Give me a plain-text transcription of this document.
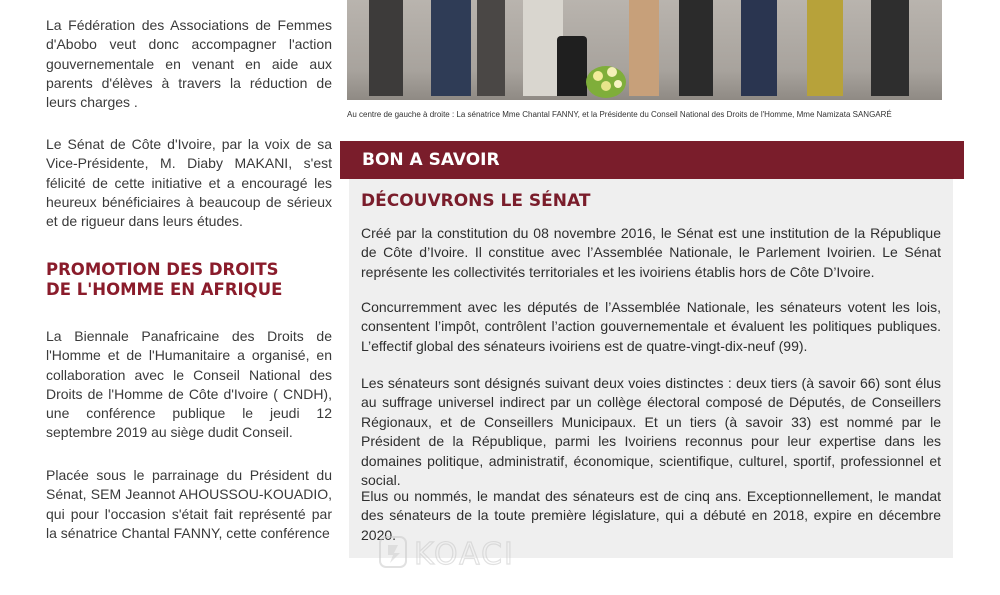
La Fédération des Associations de Femmes d'Abobo veut donc accompagner l'action gouvernementale en venant en aide aux parents d'élèves à travers la réduction de leurs charges .

Le Sénat de Côte d'Ivoire, par la voix de sa Vice-Présidente, M. Diaby MAKANI, s'est félicité de cette initiative et a encouragé les heureux bénéficiaires à beaucoup de sérieux et de rigueur dans leurs études.

PROMOTION DES DROITS
DE L'HOMME EN AFRIQUE

La Biennale Panafricaine des Droits de l'Homme et de l'Humanitaire a organisé, en collaboration avec le Conseil National des Droits de l'Homme de Côte d'Ivoire ( CNDH), une conférence publique le jeudi 12 septembre 2019 au siège dudit Conseil.

Placée sous le parrainage du Président du Sénat, SEM Jeannot AHOUSSOU-KOUADIO, qui pour l'occasion s'était fait représenté par la sénatrice Chantal FANNY, cette conférence

Au centre de gauche à droite : La sénatrice Mme Chantal FANNY, et la Présidente du Conseil National des Droits de l'Homme, Mme Namizata SANGARÉ
BON A SAVOIR
DÉCOUVRONS LE SÉNAT

Créé par la constitution du 08 novembre 2016, le Sénat est une institution de la République de Côte d’Ivoire. Il constitue avec l’Assemblée Nationale, le Parlement Ivoirien. Le Sénat représente les collectivités territoriales et les ivoiriens établis hors de Côte D’Ivoire.

Concurremment avec les députés de l’Assemblée Nationale, les sénateurs votent les lois, consentent l’impôt, contrôlent l’action gouvernementale et évaluent les politiques publiques. L’effectif global des sénateurs ivoiriens est de quatre-vingt-dix-neuf (99).

Les sénateurs sont désignés suivant deux voies distinctes : deux tiers (à savoir 66) sont élus au suffrage universel indirect par un collège électoral composé de Députés, de Conseillers Régionaux, et de Conseillers Municipaux. Et un tiers (à savoir 33) est nommé par le Président de la République, parmi les Ivoiriens reconnus pour leur expertise dans les domaines politique, administratif, économique, scientifique, culturel, sportif, professionnel et social.

Elus ou nommés, le mandat des sénateurs est de cinq ans. Exceptionnellement, le mandat des sénateurs de la toute première législature, qui a débuté en 2018, expire en décembre 2020.

KOACI
